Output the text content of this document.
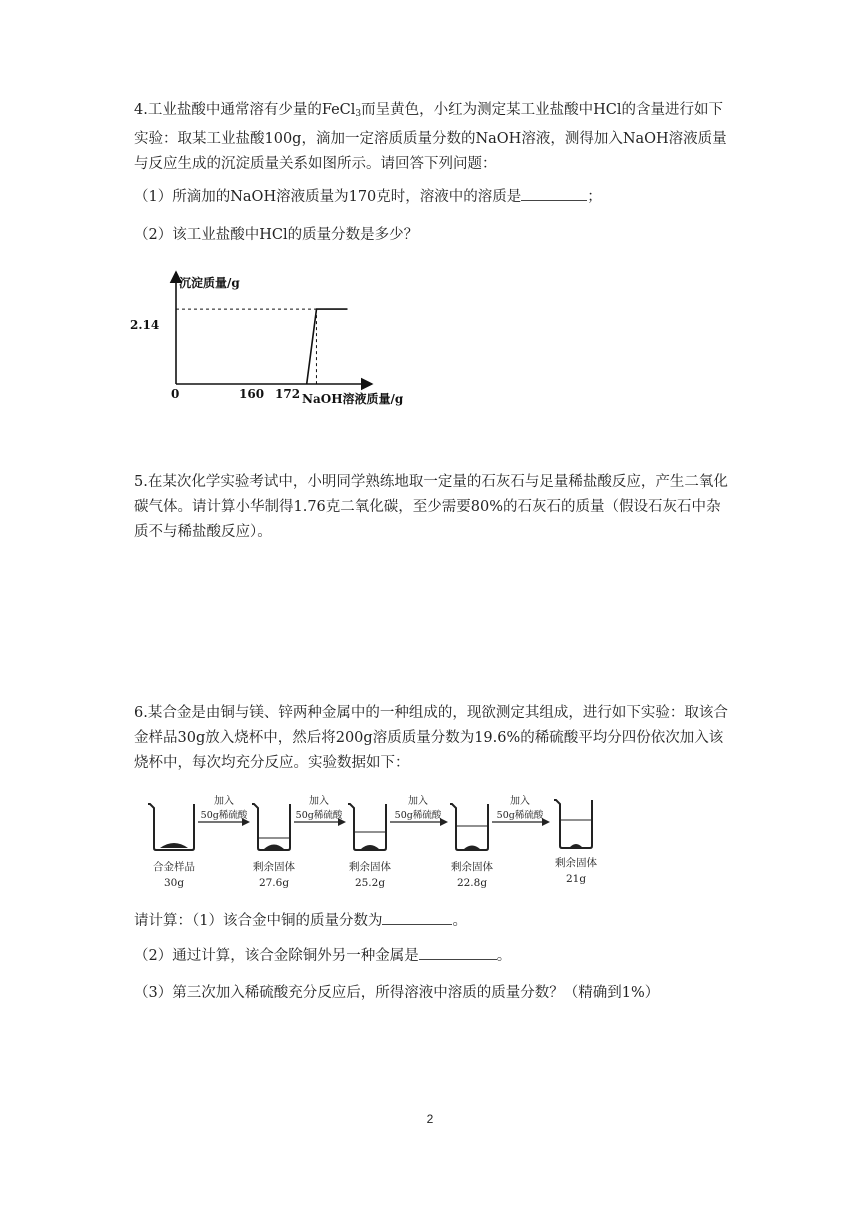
4.工业盐酸中通常溶有少量的FeCl$_3$而呈黄色，小红为测定某工业盐酸中HCl的含量进行如下实验：取某工业盐酸100g，滴加一定溶质质量分数的NaOH溶液，测得加入NaOH溶液质量与反应生成的沉淀质量关系如图所示。请回答下列问题：

（1）所滴加的NaOH溶液质量为170克时，溶液中的溶质是	；

（2）该工业盐酸中HCl的质量分数是多少？

沉淀质量/g
NaOH溶液质量/g
2.14
0	160 172

5.在某次化学实验考试中，小明同学熟练地取一定量的石灰石与足量稀盐酸反应，产生二氧化碳气体。请计算小华制得1.76克二氧化碳，至少需要80%的石灰石的质量（假设石灰石中杂质不与稀盐酸反应）。

6.某合金是由铜与镁、锌两种金属中的一种组成的，现欲测定其组成，进行如下实验：取该合金样品30g放入烧杯中，然后将200g溶质质量分数为19.6%的稀硫酸平均分四份依次加入该烧杯中，每次均充分反应。实验数据如下：

合金样品
30g
加入
50g稀硫酸
剩余固体
27.6g
加入
50g稀硫酸
剩余固体
25.2g
加入
50g稀硫酸
剩余固体
22.8g
加入
50g稀硫酸
剩余固体
21g

请计算：（1）该合金中铜的质量分数为	。

（2）通过计算，该合金除铜外另一种金属是	。

（3）第三次加入稀硫酸充分反应后，所得溶液中溶质的质量分数？（精确到1%）

2
